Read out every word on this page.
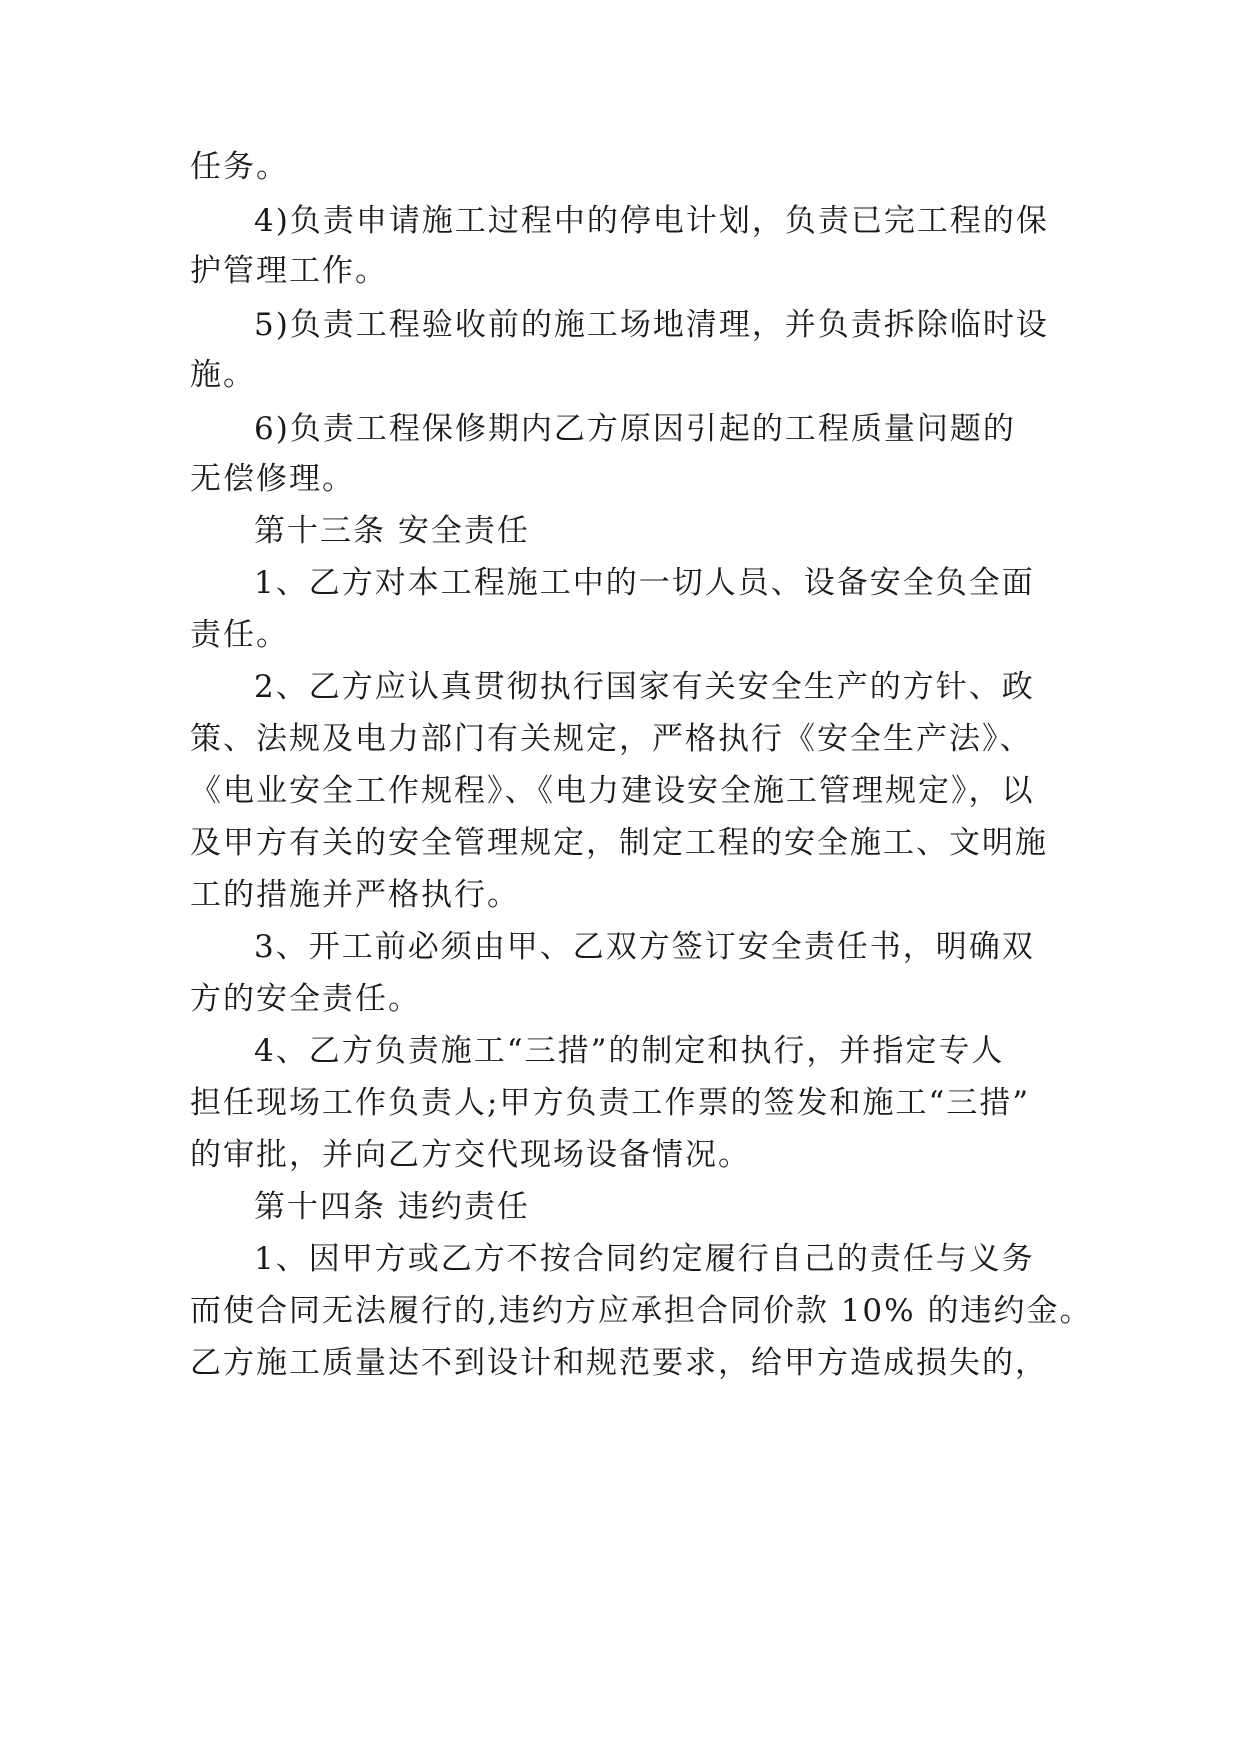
任务。
4)负责申请施工过程中的停电计划，负责已完工程的保
护管理工作。
5)负责工程验收前的施工场地清理，并负责拆除临时设
施。
6)负责工程保修期内乙方原因引起的工程质量问题的
无偿修理。
第十三条 安全责任
1、乙方对本工程施工中的一切人员、设备安全负全面
责任。
2、乙方应认真贯彻执行国家有关安全生产的方针、政
策、法规及电力部门有关规定，严格执行《安全生产法》、
《电业安全工作规程》、《电力建设安全施工管理规定》，以
及甲方有关的安全管理规定，制定工程的安全施工、文明施
工的措施并严格执行。
3、开工前必须由甲、乙双方签订安全责任书，明确双
方的安全责任。
4、乙方负责施工“三措”的制定和执行，并指定专人
担任现场工作负责人;甲方负责工作票的签发和施工“三措”
的审批，并向乙方交代现场设备情况。
第十四条 违约责任
1、因甲方或乙方不按合同约定履行自己的责任与义务
而使合同无法履行的,违约方应承担合同价款 10% 的违约金。
乙方施工质量达不到设计和规范要求，给甲方造成损失的，
